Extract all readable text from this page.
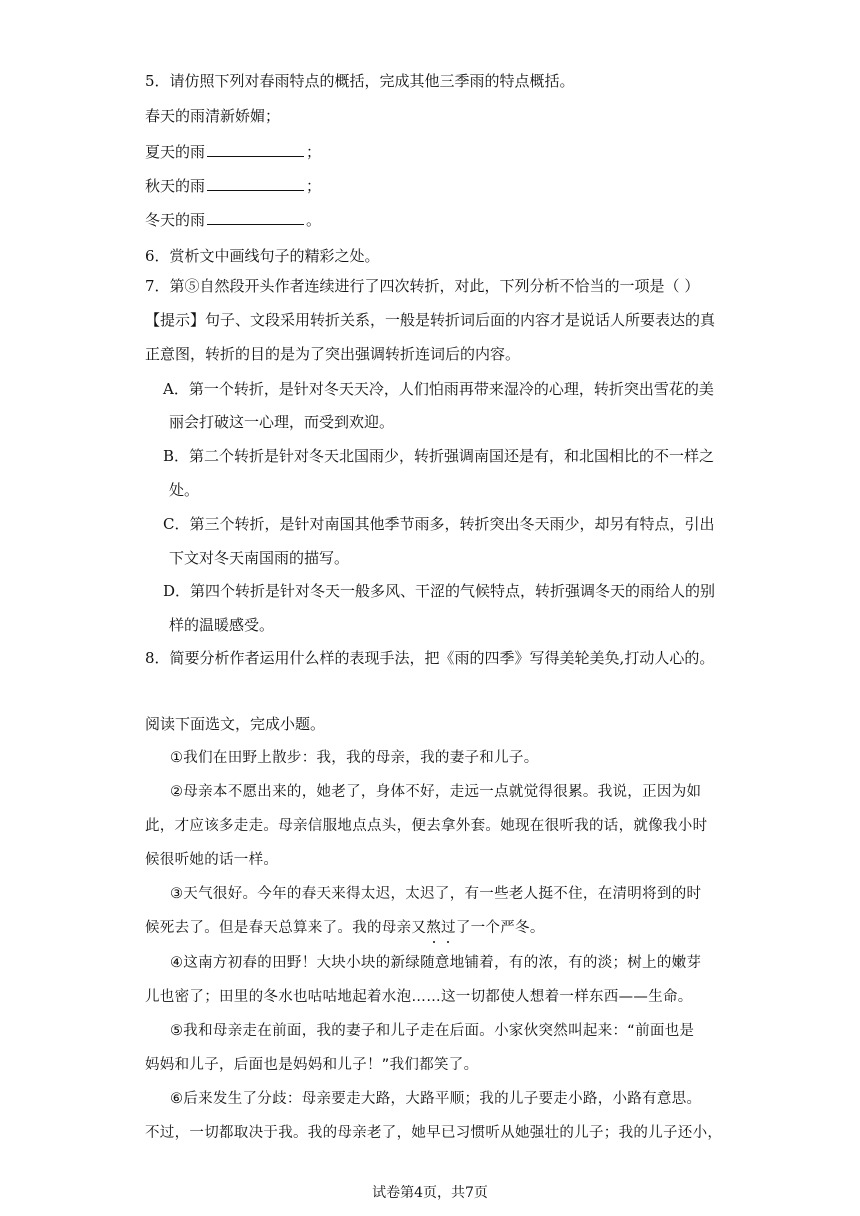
5．请仿照下列对春雨特点的概括，完成其他三季雨的特点概括。
春天的雨清新娇媚；
夏天的雨	；
秋天的雨	；
冬天的雨	。
6．赏析文中画线句子的精彩之处。
7．第⑤自然段开头作者连续进行了四次转折，对此，下列分析不恰当的一项是（ ）
【提示】句子、文段采用转折关系，一般是转折词后面的内容才是说话人所要表达的真
正意图，转折的目的是为了突出强调转折连词后的内容。
A．第一个转折，是针对冬天天冷，人们怕雨再带来湿冷的心理，转折突出雪花的美
丽会打破这一心理，而受到欢迎。
B．第二个转折是针对冬天北国雨少，转折强调南国还是有，和北国相比的不一样之
处。
C．第三个转折，是针对南国其他季节雨多，转折突出冬天雨少，却另有特点，引出
下文对冬天南国雨的描写。
D．第四个转折是针对冬天一般多风、干涩的气候特点，转折强调冬天的雨给人的别
样的温暖感受。
8．简要分析作者运用什么样的表现手法，把《雨的四季》写得美轮美奂,打动人心的。
阅读下面选文，完成小题。
①我们在田野上散步：我，我的母亲，我的妻子和儿子。
②母亲本不愿出来的，她老了，身体不好，走远一点就觉得很累。我说，正因为如
此，才应该多走走。母亲信服地点点头，便去拿外套。她现在很听我的话，就像我小时
候很听她的话一样。
③天气很好。今年的春天来得太迟，太迟了，有一些老人挺不住，在清明将到的时
候死去了。但是春天总算来了。我的母亲又熬过了一个严冬。
④这南方初春的田野！大块小块的新绿随意地铺着，有的浓，有的淡；树上的嫩芽
儿也密了；田里的冬水也咕咕地起着水泡……这一切都使人想着一样东西——生命。
⑤我和母亲走在前面，我的妻子和儿子走在后面。小家伙突然叫起来：“前面也是
妈妈和儿子，后面也是妈妈和儿子！”我们都笑了。
⑥后来发生了分歧：母亲要走大路，大路平顺；我的儿子要走小路，小路有意思。
不过，一切都取决于我。我的母亲老了，她早已习惯听从她强壮的儿子；我的儿子还小，
试卷第4页，共7页
